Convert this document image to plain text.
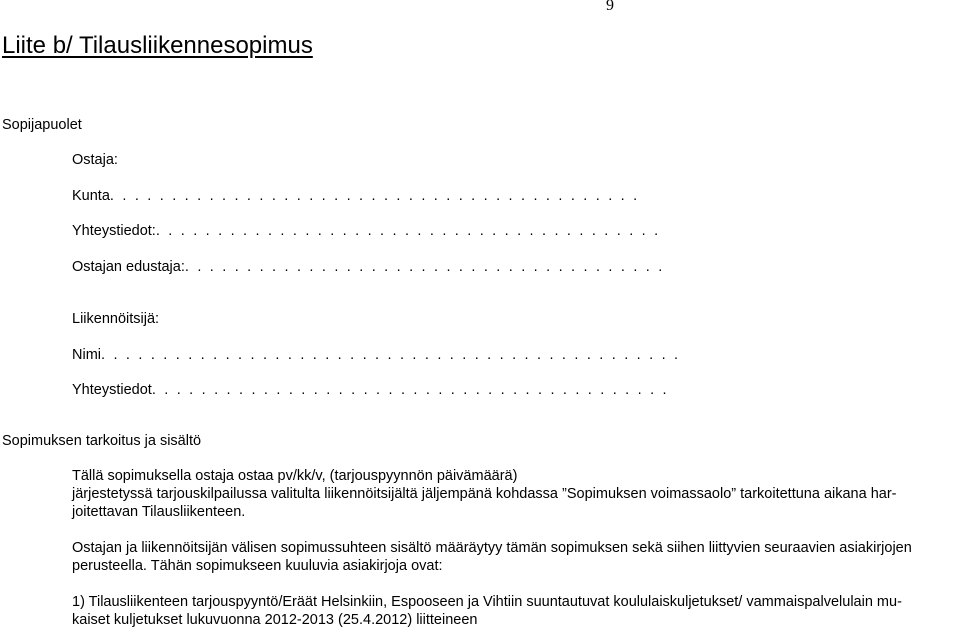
9
Liite b/ Tilausliikennesopimus
Sopijapuolet
Ostaja:
Kunta. . . . . . . . . . . . . . . . . . . . . . . . . . . . . . . . . . . . . . . . . . .
Yhteystiedot:. . . . . . . . . . . . . . . . . . . . . . . . . . . . . . . . . . . . . . . . .
Ostajan edustaja:. . . . . . . . . . . . . . . . . . . . . . . . . . . . . . . . . . . . . . .
Liikennöitsijä:
Nimi. . . . . . . . . . . . . . . . . . . . . . . . . . . . . . . . . . . . . . . . . . . . . . .
Yhteystiedot. . . . . . . . . . . . . . . . . . . . . . . . . . . . . . . . . . . . . . . . . .
Sopimuksen tarkoitus ja sisältö
Tällä sopimuksella ostaja ostaa pv/kk/v, (tarjouspyynnön päivämäärä)
järjestetyssä tarjouskilpailussa valitulta liikennöitsijältä jäljempänä kohdassa ”Sopimuksen voimassaolo” tarkoitettuna aikana har-
joitettavan Tilausliikenteen.
Ostajan ja liikennöitsijän välisen sopimussuhteen sisältö määräytyy tämän sopimuksen sekä siihen liittyvien seuraavien asiakirjojen
perusteella. Tähän sopimukseen kuuluvia asiakirjoja ovat:
1) Tilausliikenteen tarjouspyyntö/Eräät Helsinkiin, Espooseen ja Vihtiin suuntautuvat koululaiskuljetukset/ vammaispalvelulain mu-
kaiset kuljetukset lukuvuonna 2012-2013 (25.4.2012) liitteineen
